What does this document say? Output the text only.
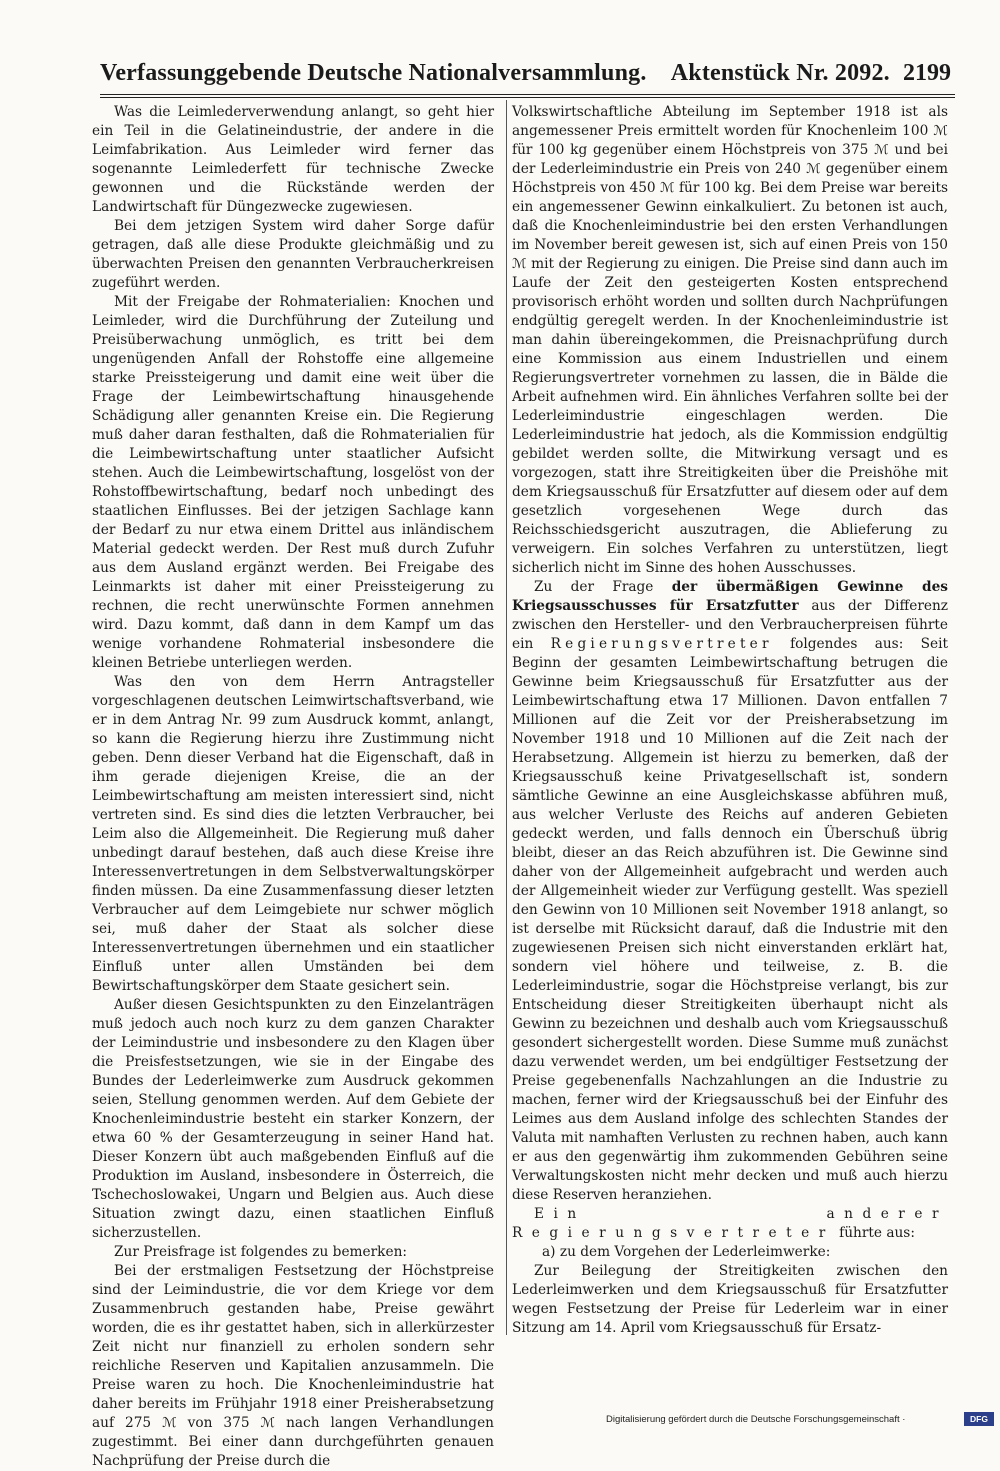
Verfassunggebende Deutsche Nationalversammlung. Aktenstück Nr. 2092. 2199

Was die Leimlederverwendung anlangt, so geht hier ein Teil in die Gelatineindustrie, der andere in die Leimfabrikation. Aus Leimleder wird ferner das sogenannte Leimlederfett für technische Zwecke gewonnen und die Rückstände werden der Landwirtschaft für Düngezwecke zugewiesen.

Bei dem jetzigen System wird daher Sorge dafür getragen, daß alle diese Produkte gleichmäßig und zu überwachten Preisen den genannten Verbraucherkreisen zugeführt werden.

Mit der Freigabe der Rohmaterialien: Knochen und Leimleder, wird die Durchführung der Zuteilung und Preisüberwachung unmöglich, es tritt bei dem ungenügenden Anfall der Rohstoffe eine allgemeine starke Preissteigerung und damit eine weit über die Frage der Leimbewirtschaftung hinausgehende Schädigung aller genannten Kreise ein. Die Regierung muß daher daran festhalten, daß die Rohmaterialien für die Leimbewirtschaftung unter staatlicher Aufsicht stehen. Auch die Leimbewirtschaftung, losgelöst von der Rohstoffbewirtschaftung, bedarf noch unbedingt des staatlichen Einflusses. Bei der jetzigen Sachlage kann der Bedarf zu nur etwa einem Drittel aus inländischem Material gedeckt werden. Der Rest muß durch Zufuhr aus dem Ausland ergänzt werden. Bei Freigabe des Leinmarkts ist daher mit einer Preissteigerung zu rechnen, die recht unerwünschte Formen annehmen wird. Dazu kommt, daß dann in dem Kampf um das wenige vorhandene Rohmaterial insbesondere die kleinen Betriebe unterliegen werden.

Was den von dem Herrn Antragsteller vorgeschlagenen deutschen Leimwirtschaftsverband, wie er in dem Antrag Nr. 99 zum Ausdruck kommt, anlangt, so kann die Regierung hierzu ihre Zustimmung nicht geben. Denn dieser Verband hat die Eigenschaft, daß in ihm gerade diejenigen Kreise, die an der Leimbewirtschaftung am meisten interessiert sind, nicht vertreten sind. Es sind dies die letzten Verbraucher, bei Leim also die Allgemeinheit. Die Regierung muß daher unbedingt darauf bestehen, daß auch diese Kreise ihre Interessenvertretungen in dem Selbstverwaltungskörper finden müssen. Da eine Zusammenfassung dieser letzten Verbraucher auf dem Leimgebiete nur schwer möglich sei, muß daher der Staat als solcher diese Interessenvertretungen übernehmen und ein staatlicher Einfluß unter allen Umständen bei dem Bewirtschaftungskörper dem Staate gesichert sein.

Außer diesen Gesichtspunkten zu den Einzelanträgen muß jedoch auch noch kurz zu dem ganzen Charakter der Leimindustrie und insbesondere zu den Klagen über die Preisfestsetzungen, wie sie in der Eingabe des Bundes der Lederleimwerke zum Ausdruck gekommen seien, Stellung genommen werden. Auf dem Gebiete der Knochenleimindustrie besteht ein starker Konzern, der etwa 60 % der Gesamterzeugung in seiner Hand hat. Dieser Konzern übt auch maßgebenden Einfluß auf die Produktion im Ausland, insbesondere in Österreich, die Tschechoslowakei, Ungarn und Belgien aus. Auch diese Situation zwingt dazu, einen staatlichen Einfluß sicherzustellen.

Zur Preisfrage ist folgendes zu bemerken:

Bei der erstmaligen Festsetzung der Höchstpreise sind der Leimindustrie, die vor dem Kriege vor dem Zusammenbruch gestanden habe, Preise gewährt worden, die es ihr gestattet haben, sich in allerkürzester Zeit nicht nur finanziell zu erholen sondern sehr reichliche Reserven und Kapitalien anzusammeln. Die Preise waren zu hoch. Die Knochenleimindustrie hat daher bereits im Frühjahr 1918 einer Preisherabsetzung auf 275 ℳ von 375 ℳ nach langen Verhandlungen zugestimmt. Bei einer dann durchgeführten genauen Nachprüfung der Preise durch die

Volkswirtschaftliche Abteilung im September 1918 ist als angemessener Preis ermittelt worden für Knochenleim 100 ℳ für 100 kg gegenüber einem Höchstpreis von 375 ℳ und bei der Lederleimindustrie ein Preis von 240 ℳ gegenüber einem Höchstpreis von 450 ℳ für 100 kg. Bei dem Preise war bereits ein angemessener Gewinn einkalkuliert. Zu betonen ist auch, daß die Knochenleimindustrie bei den ersten Verhandlungen im November bereit gewesen ist, sich auf einen Preis von 150 ℳ mit der Regierung zu einigen. Die Preise sind dann auch im Laufe der Zeit den gesteigerten Kosten entsprechend provisorisch erhöht worden und sollten durch Nachprüfungen endgültig geregelt werden. In der Knochenleimindustrie ist man dahin übereingekommen, die Preisnachprüfung durch eine Kommission aus einem Industriellen und einem Regierungsvertreter vornehmen zu lassen, die in Bälde die Arbeit aufnehmen wird. Ein ähnliches Verfahren sollte bei der Lederleimindustrie eingeschlagen werden. Die Lederleimindustrie hat jedoch, als die Kommission endgültig gebildet werden sollte, die Mitwirkung versagt und es vorgezogen, statt ihre Streitigkeiten über die Preishöhe mit dem Kriegsausschuß für Ersatzfutter auf diesem oder auf dem gesetzlich vorgesehenen Wege durch das Reichsschiedsgericht auszutragen, die Ablieferung zu verweigern. Ein solches Verfahren zu unterstützen, liegt sicherlich nicht im Sinne des hohen Ausschusses.

Zu der Frage der übermäßigen Gewinne des Kriegsausschusses für Ersatzfutter aus der Differenz zwischen den Hersteller- und den Verbraucherpreisen führte ein Regierungsvertreter folgendes aus: Seit Beginn der gesamten Leimbewirtschaftung betrugen die Gewinne beim Kriegsausschuß für Ersatzfutter aus der Leimbewirtschaftung etwa 17 Millionen. Davon entfallen 7 Millionen auf die Zeit vor der Preisherabsetzung im November 1918 und 10 Millionen auf die Zeit nach der Herabsetzung. Allgemein ist hierzu zu bemerken, daß der Kriegsausschuß keine Privatgesellschaft ist, sondern sämtliche Gewinne an eine Ausgleichskasse abführen muß, aus welcher Verluste des Reichs auf anderen Gebieten gedeckt werden, und falls dennoch ein Überschuß übrig bleibt, dieser an das Reich abzuführen ist. Die Gewinne sind daher von der Allgemeinheit aufgebracht und werden auch der Allgemeinheit wieder zur Verfügung gestellt. Was speziell den Gewinn von 10 Millionen seit November 1918 anlangt, so ist derselbe mit Rücksicht darauf, daß die Industrie mit den zugewiesenen Preisen sich nicht einverstanden erklärt hat, sondern viel höhere und teilweise, z. B. die Lederleimindustrie, sogar die Höchstpreise verlangt, bis zur Entscheidung dieser Streitigkeiten überhaupt nicht als Gewinn zu bezeichnen und deshalb auch vom Kriegsausschuß gesondert sichergestellt worden. Diese Summe muß zunächst dazu verwendet werden, um bei endgültiger Festsetzung der Preise gegebenenfalls Nachzahlungen an die Industrie zu machen, ferner wird der Kriegsausschuß bei der Einfuhr des Leimes aus dem Ausland infolge des schlechten Standes der Valuta mit namhaften Verlusten zu rechnen haben, auch kann er aus den gegenwärtig ihm zukommenden Gebühren seine Verwaltungskosten nicht mehr decken und muß auch hierzu diese Reserven heranziehen.

Ein anderer Regierungsvertreter führte aus:

a) zu dem Vorgehen der Lederleimwerke:

Zur Beilegung der Streitigkeiten zwischen den Lederleimwerken und dem Kriegsausschuß für Ersatzfutter wegen Festsetzung der Preise für Lederleim war in einer Sitzung am 14. April vom Kriegsausschuß für Ersatz-

Digitalisierung gefördert durch die Deutsche Forschungsgemeinschaft ·	DFG
